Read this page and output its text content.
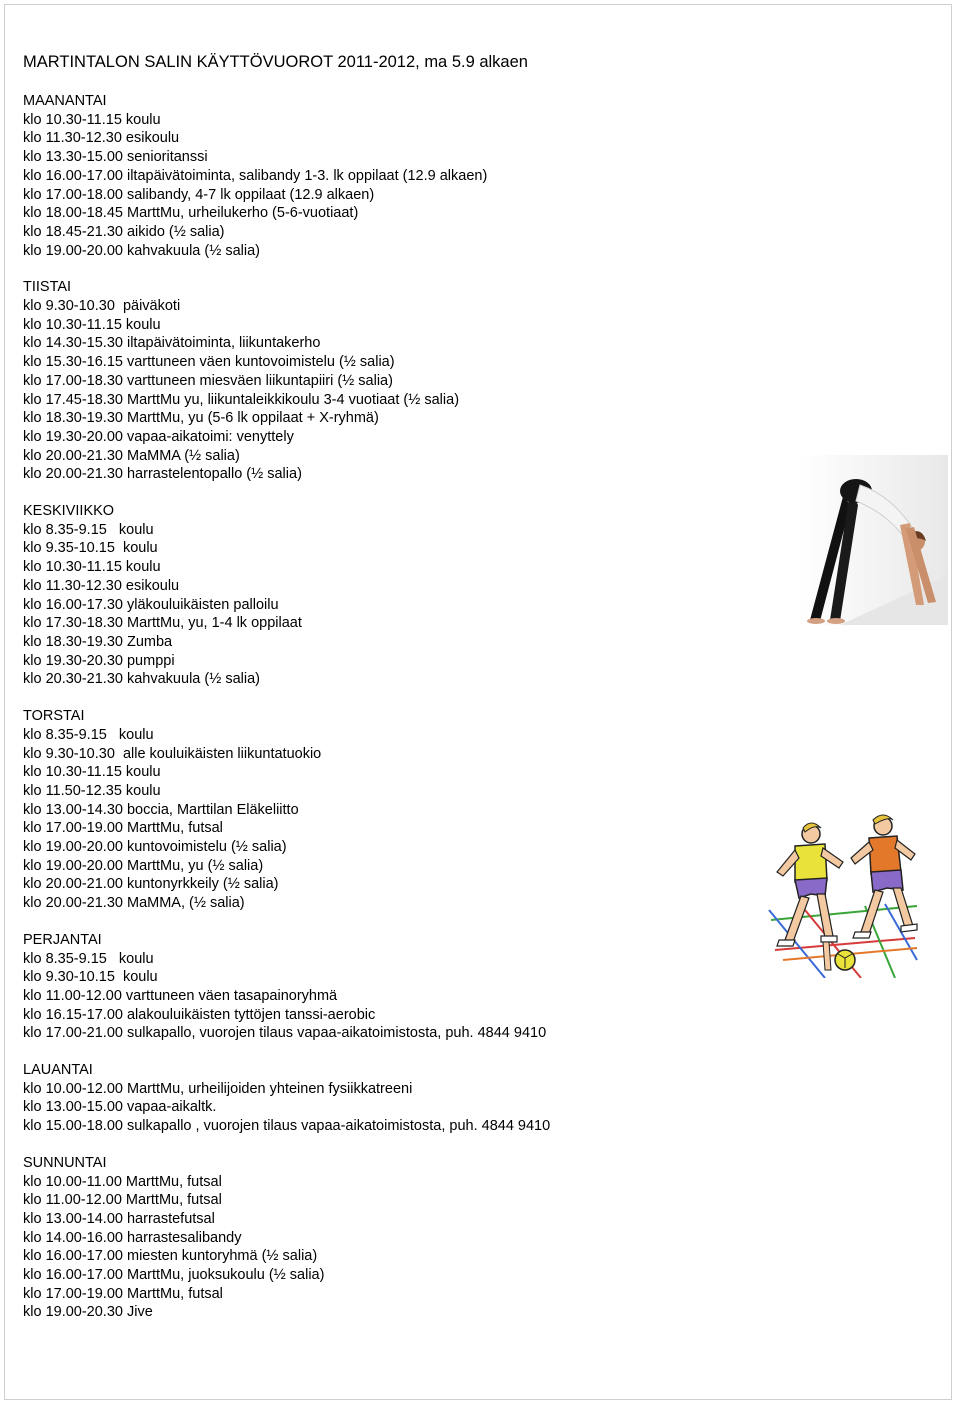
MARTINTALON SALIN KÄYTTÖVUOROT 2011-2012, ma 5.9 alkaen
MAANANTAI
klo 10.30-11.15 koulu
klo 11.30-12.30 esikoulu
klo 13.30-15.00 senioritanssi
klo 16.00-17.00 iltapäivätoiminta, salibandy 1-3. lk oppilaat (12.9 alkaen)
klo 17.00-18.00 salibandy, 4-7 lk oppilaat (12.9 alkaen)
klo 18.00-18.45 MarttMu, urheilukerho (5-6-vuotiaat)
klo 18.45-21.30 aikido (½ salia)
klo 19.00-20.00 kahvakuula (½ salia)
TIISTAI
klo 9.30-10.30  päiväkoti
klo 10.30-11.15 koulu
klo 14.30-15.30 iltapäivätoiminta, liikuntakerho
klo 15.30-16.15 varttuneen väen kuntovoimistelu (½ salia)
klo 17.00-18.30 varttuneen miesväen liikuntapiiri (½ salia)
klo 17.45-18.30 MarttMu yu, liikuntaleikkikoulu 3-4 vuotiaat (½ salia)
klo 18.30-19.30 MarttMu, yu (5-6 lk oppilaat + X-ryhmä)
klo 19.30-20.00 vapaa-aikatoimi: venyttely
klo 20.00-21.30 MaMMA (½ salia)
klo 20.00-21.30 harrastelentopallo (½ salia)
KESKIVIIKKO
klo 8.35-9.15   koulu
klo 9.35-10.15  koulu
klo 10.30-11.15 koulu
klo 11.30-12.30 esikoulu
klo 16.00-17.30 yläkouluikäisten palloilu
klo 17.30-18.30 MarttMu, yu, 1-4 lk oppilaat
klo 18.30-19.30 Zumba
klo 19.30-20.30 pumppi
klo 20.30-21.30 kahvakuula (½ salia)
TORSTAI
klo 8.35-9.15   koulu
klo 9.30-10.30  alle kouluikäisten liikuntatuokio
klo 10.30-11.15 koulu
klo 11.50-12.35 koulu
klo 13.00-14.30 boccia, Marttilan Eläkeliitto
klo 17.00-19.00 MarttMu, futsal
klo 19.00-20.00 kuntovoimistelu (½ salia)
klo 19.00-20.00 MarttMu, yu (½ salia)
klo 20.00-21.00 kuntonyrkkeily (½ salia)
klo 20.00-21.30 MaMMA, (½ salia)
PERJANTAI
klo 8.35-9.15   koulu
klo 9.30-10.15  koulu
klo 11.00-12.00 varttuneen väen tasapainoryhmä
klo 16.15-17.00 alakouluikäisten tyttöjen tanssi-aerobic
klo 17.00-21.00 sulkapallo, vuorojen tilaus vapaa-aikatoimistosta, puh. 4844 9410
LAUANTAI
klo 10.00-12.00 MarttMu, urheilijoiden yhteinen fysiikkatreeni
klo 13.00-15.00 vapaa-aikaltk.
klo 15.00-18.00 sulkapallo , vuorojen tilaus vapaa-aikatoimistosta, puh. 4844 9410
SUNNUNTAI
klo 10.00-11.00 MarttMu, futsal
klo 11.00-12.00 MarttMu, futsal
klo 13.00-14.00 harrastefutsal
klo 14.00-16.00 harrastesalibandy
klo 16.00-17.00 miesten kuntoryhmä (½ salia)
klo 16.00-17.00 MarttMu, juoksukoulu (½ salia)
klo 17.00-19.00 MarttMu, futsal
klo 19.00-20.30 Jive
